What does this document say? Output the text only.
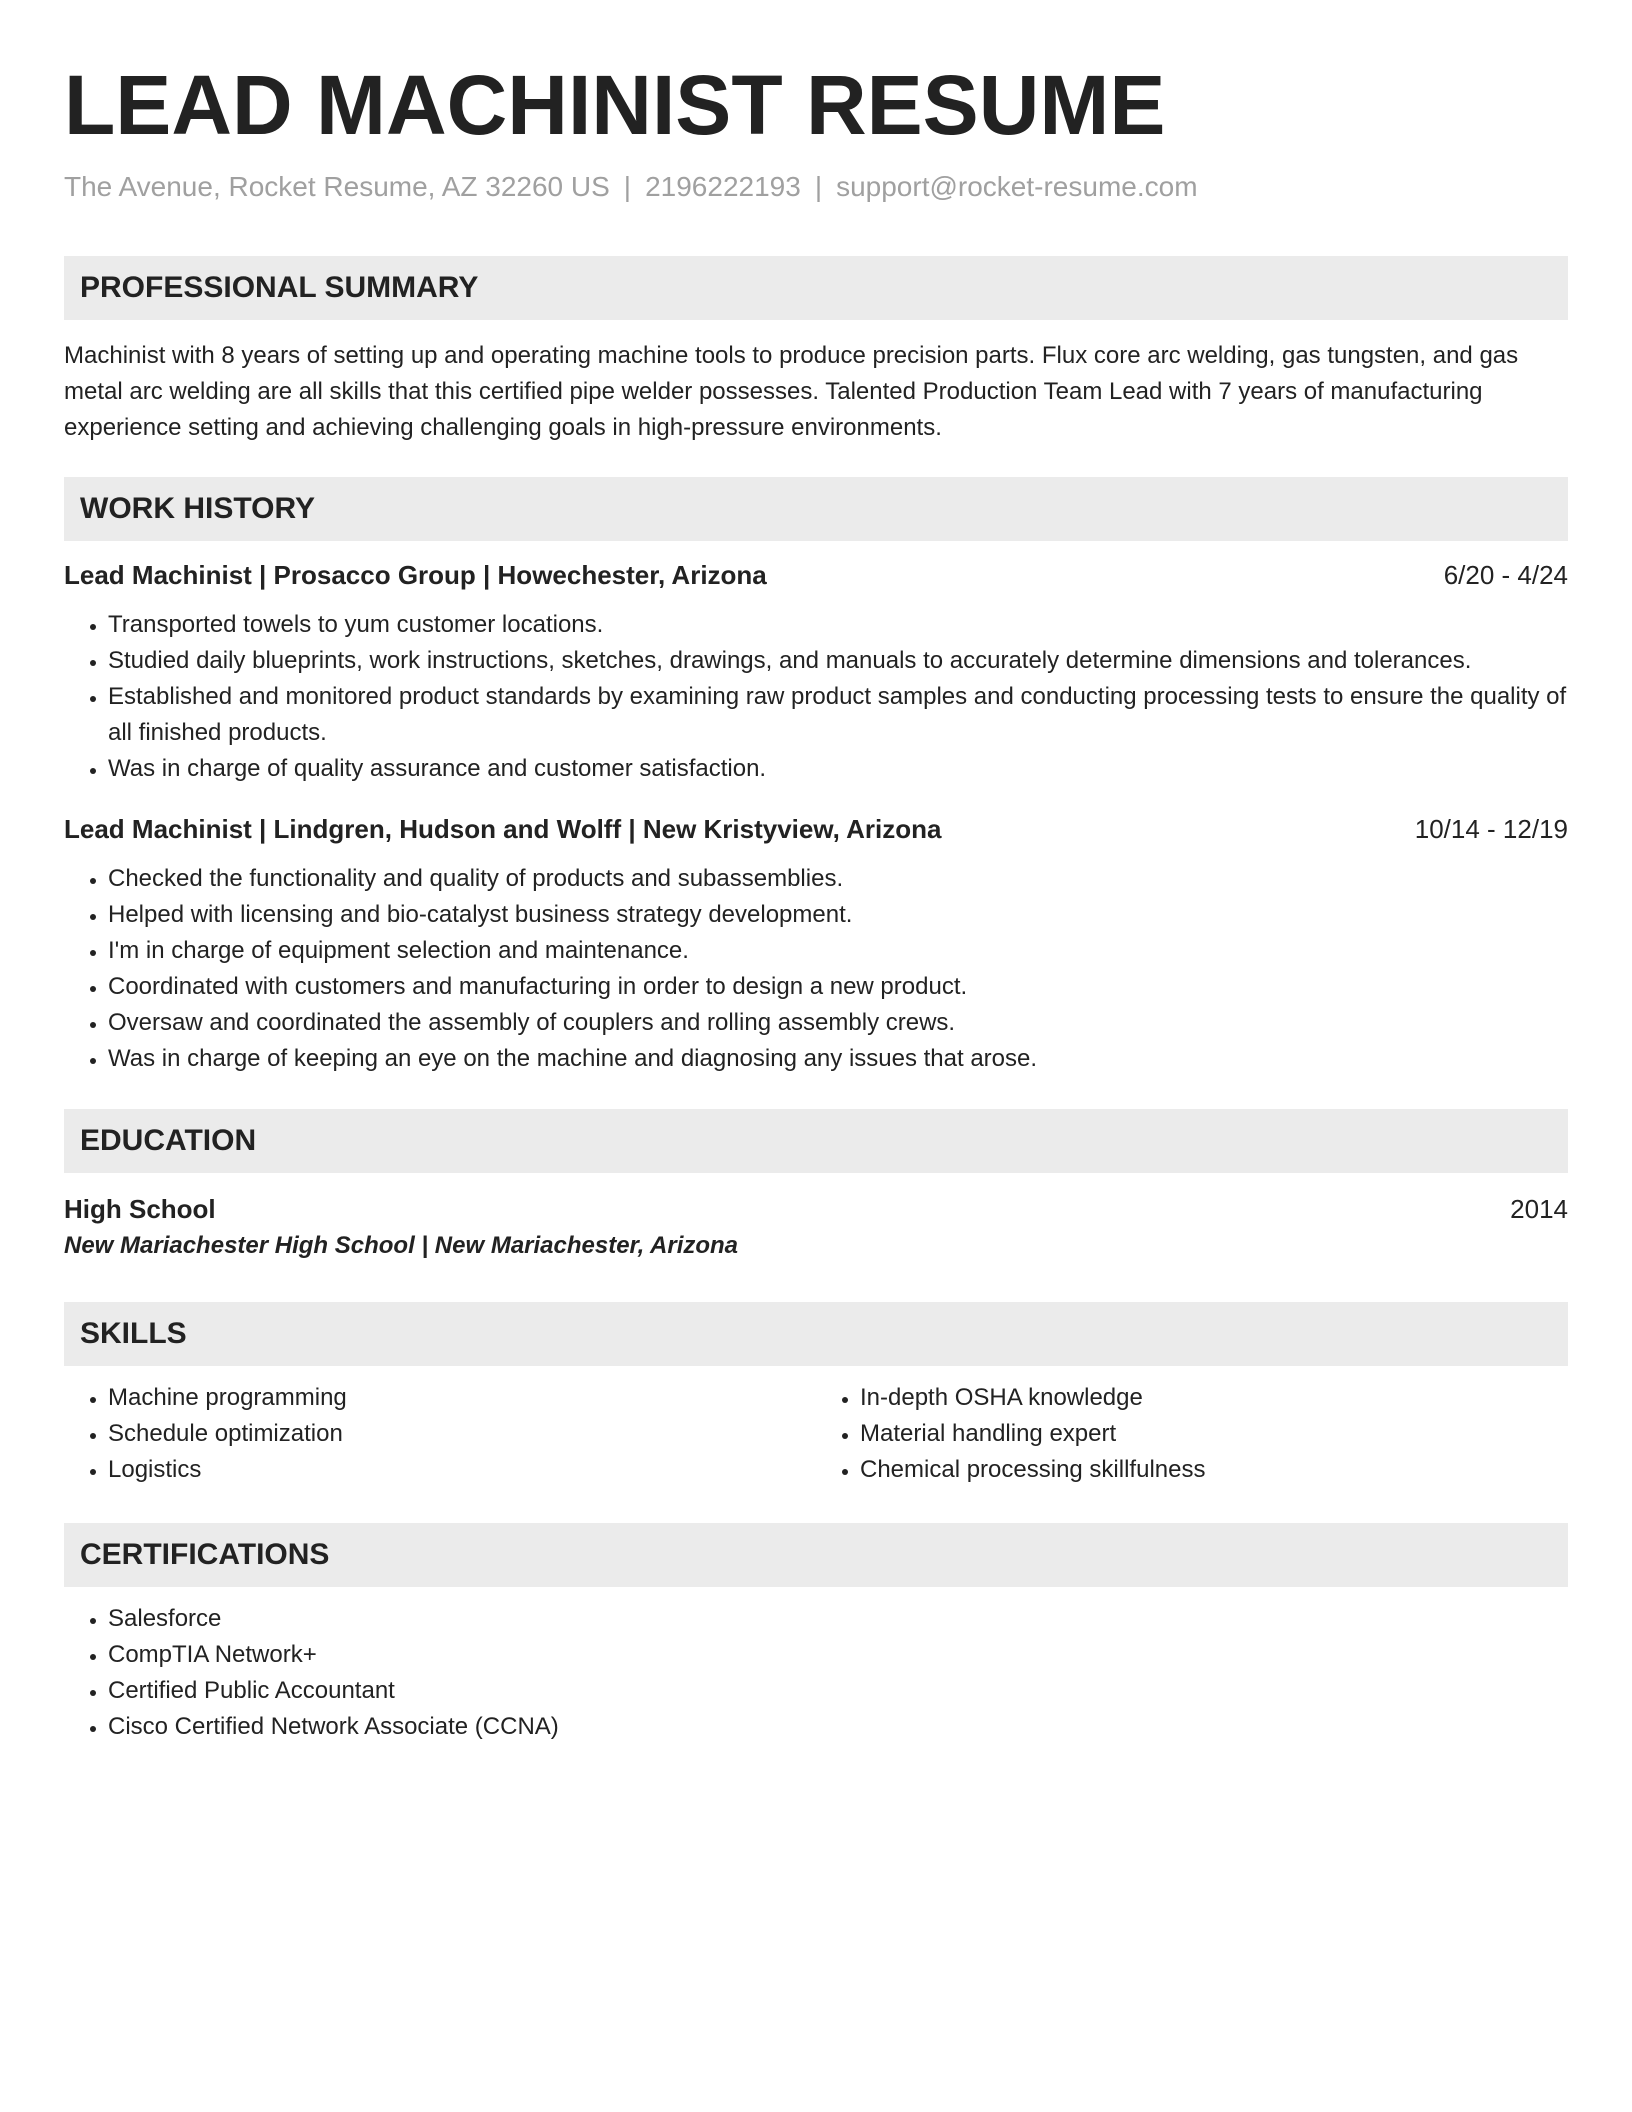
LEAD MACHINIST RESUME
The Avenue, Rocket Resume, AZ 32260 US | 2196222193 | support@rocket-resume.com
PROFESSIONAL SUMMARY
Machinist with 8 years of setting up and operating machine tools to produce precision parts. Flux core arc welding, gas tungsten, and gas metal arc welding are all skills that this certified pipe welder possesses. Talented Production Team Lead with 7 years of manufacturing experience setting and achieving challenging goals in high-pressure environments.
WORK HISTORY
Lead Machinist | Prosacco Group | Howechester, Arizona	6/20 - 4/24
• Transported towels to yum customer locations.
• Studied daily blueprints, work instructions, sketches, drawings, and manuals to accurately determine dimensions and tolerances.
• Established and monitored product standards by examining raw product samples and conducting processing tests to ensure the quality of all finished products.
• Was in charge of quality assurance and customer satisfaction.
Lead Machinist | Lindgren, Hudson and Wolff | New Kristyview, Arizona	10/14 - 12/19
• Checked the functionality and quality of products and subassemblies.
• Helped with licensing and bio-catalyst business strategy development.
• I'm in charge of equipment selection and maintenance.
• Coordinated with customers and manufacturing in order to design a new product.
• Oversaw and coordinated the assembly of couplers and rolling assembly crews.
• Was in charge of keeping an eye on the machine and diagnosing any issues that arose.
EDUCATION
High School	2014
New Mariachester High School | New Mariachester, Arizona
SKILLS
• Machine programming
• Schedule optimization
• Logistics
• In-depth OSHA knowledge
• Material handling expert
• Chemical processing skillfulness
CERTIFICATIONS
• Salesforce
• CompTIA Network+
• Certified Public Accountant
• Cisco Certified Network Associate (CCNA)
